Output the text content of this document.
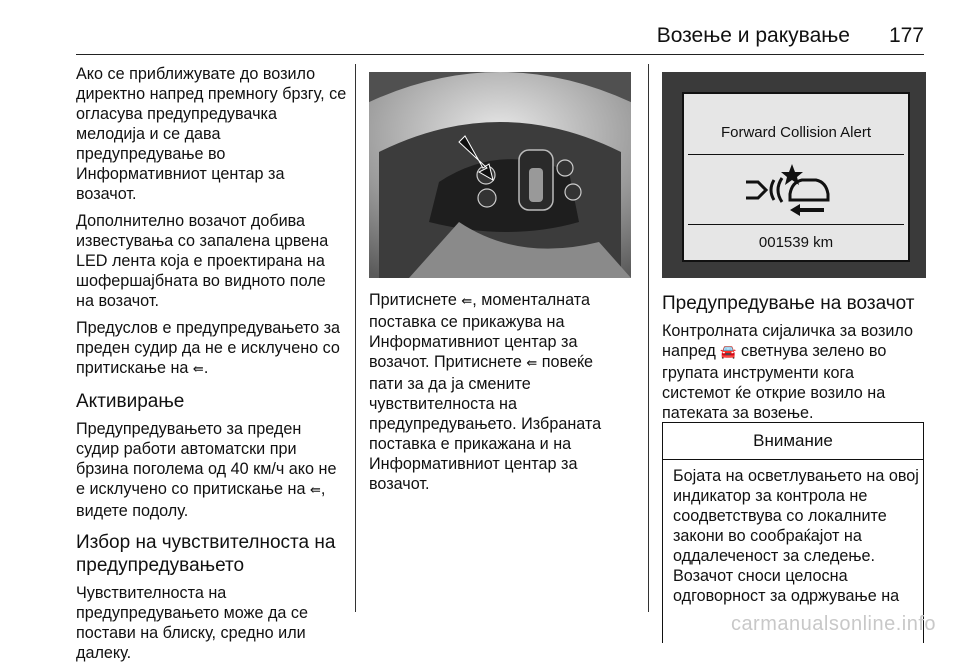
Возење и ракување 177

Ако се приближувате до возило директно напред премногу брзгу, се огласува предупредувачка мелодија и се дава предупредување во Информативниот центар за возачот.

Дополнително возачот добива известувања со запалена црвена LED лента која е проектирана на шофершајбната во видното поле на возачот.

Предуслов е предупредувањето за преден судир да не е исклучено со притискање на ⇚.

Активирање

Предупредувањето за преден судир работи автоматски при брзина поголема од 40 км/ч ако не е исклучено со притискање на ⇚, видете подолу.

Избор на чувствителноста на предупредувањето

Чувствителноста на предупредувањето може да се постави на блиску, средно или далеку.

Притиснете ⇚, моменталната поставка се прикажува на Информативниот центар за возачот. Притиснете ⇚ повеќе пати за да ја смените чувствителноста на предупредувањето. Избраната поставка е прикажана и на Информативниот центар за возачот.

Forward Collision Alert
001539 km
Предупредување на возачот

Контролната сијаличка за возило напред 🚘 светнува зелено во групата инструменти кога системот ќе открие возило на патеката за возење.

Внимание
Бојата на осветлувањето на овој индикатор за контрола не соодветствува со локалните закони во сообраќајот на оддалеченост за следење. Возачот сноси целосна одговорност за одржување на
carmanualsonline.info
